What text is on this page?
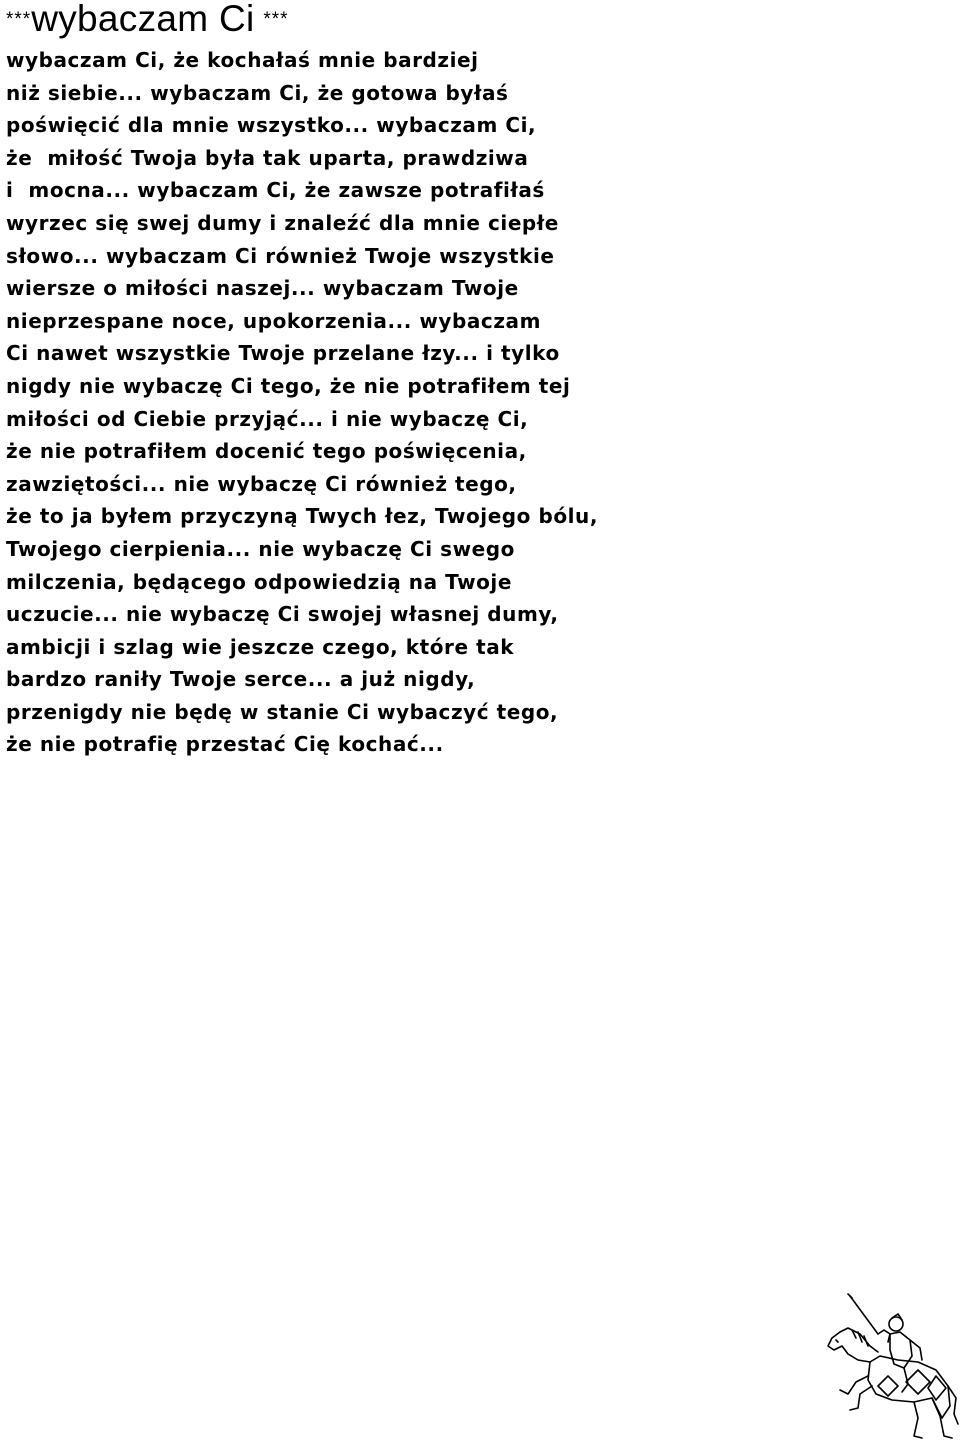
***wybaczam Ci ***
wybaczam Ci, że kochałaś mnie bardziej
niż siebie... wybaczam Ci, że gotowa byłaś
poświęcić dla mnie wszystko... wybaczam Ci,
że  miłość Twoja była tak uparta, prawdziwa
i  mocna... wybaczam Ci, że zawsze potrafiłaś
wyrzec się swej dumy i znaleźć dla mnie ciepłe
słowo... wybaczam Ci również Twoje wszystkie
wiersze o miłości naszej... wybaczam Twoje
nieprzespane noce, upokorzenia... wybaczam
Ci nawet wszystkie Twoje przelane łzy... i tylko
nigdy nie wybaczę Ci tego, że nie potrafiłem tej
miłości od Ciebie przyjąć... i nie wybaczę Ci,
że nie potrafiłem docenić tego poświęcenia,
zawziętości... nie wybaczę Ci również tego,
że to ja byłem przyczyną Twych łez, Twojego bólu,
Twojego cierpienia... nie wybaczę Ci swego
milczenia, będącego odpowiedzią na Twoje
uczucie... nie wybaczę Ci swojej własnej dumy,
ambicji i szlag wie jeszcze czego, które tak
bardzo raniły Twoje serce... a już nigdy,
przenigdy nie będę w stanie Ci wybaczyć tego,
że nie potrafię przestać Cię kochać...
